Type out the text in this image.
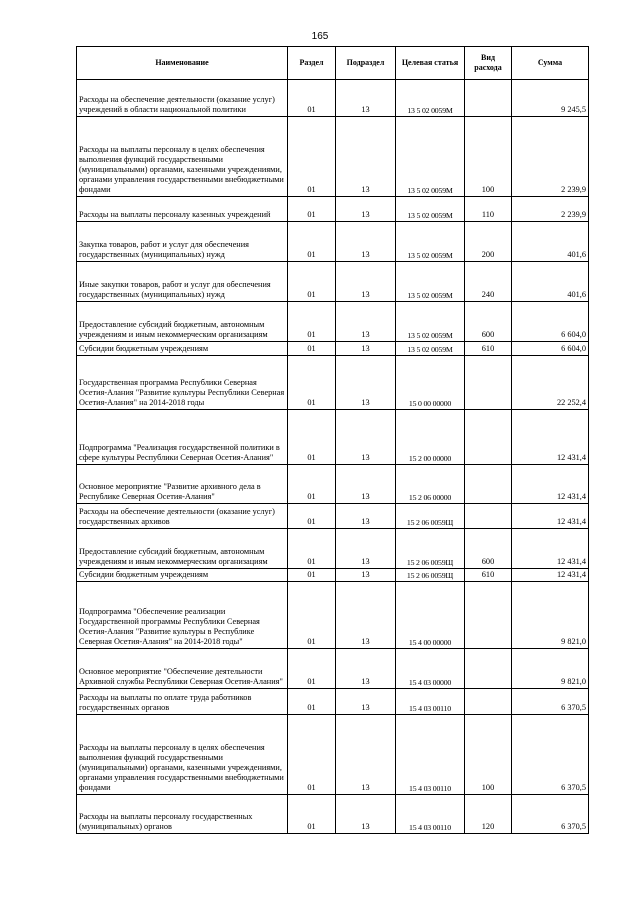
165
Наименование	Раздел	Подраздел	Целевая статья	Вид расхода	Сумма
Расходы на обеспечение деятельности (оказание услуг) учреждений в области национальной политики	01	13	13 5 02 0059М		9 245,5
Расходы на выплаты персоналу в целях обеспечения выполнения функций государственными (муниципальными) органами, казенными учреждениями, органами управления государственными внебюджетными фондами	01	13	13 5 02 0059М	100	2 239,9
Расходы на выплаты персоналу казенных учреждений	01	13	13 5 02 0059М	110	2 239,9
Закупка товаров, работ и услуг для обеспечения государственных (муниципальных) нужд	01	13	13 5 02 0059М	200	401,6
Иные закупки товаров, работ и услуг для обеспечения государственных (муниципальных) нужд	01	13	13 5 02 0059М	240	401,6
Предоставление субсидий бюджетным, автономным учреждениям и иным некоммерческим организациям	01	13	13 5 02 0059М	600	6 604,0
Субсидии бюджетным учреждениям	01	13	13 5 02 0059М	610	6 604,0
Государственная программа Республики Северная Осетия-Алания "Развитие культуры Республики Северная Осетия-Алания" на 2014-2018 годы	01	13	15 0 00 00000		22 252,4
Подпрограмма "Реализация государственной политики в сфере культуры Республики Северная Осетия-Алания"	01	13	15 2 00 00000		12 431,4
Основное мероприятие "Развитие архивного дела в Республике Северная Осетия-Алания"	01	13	15 2 06 00000		12 431,4
Расходы на обеспечение деятельности (оказание услуг) государственных архивов	01	13	15 2 06 0059Щ		12 431,4
Предоставление субсидий бюджетным, автономным учреждениям и иным некоммерческим организациям	01	13	15 2 06 0059Щ	600	12 431,4
Субсидии бюджетным учреждениям	01	13	15 2 06 0059Щ	610	12 431,4
Подпрограмма "Обеспечение реализации Государственной программы Республики Северная Осетия-Алания "Развитие культуры в Республике Северная Осетия-Алания" на 2014-2018 годы"	01	13	15 4 00 00000		9 821,0
Основное мероприятие "Обеспечение деятельности Архивной службы Республики Северная Осетия-Алания"	01	13	15 4 03 00000		9 821,0
Расходы на выплаты по оплате труда работников государственных органов	01	13	15 4 03 00110		6 370,5
Расходы на выплаты персоналу в целях обеспечения выполнения функций государственными (муниципальными) органами, казенными учреждениями, органами управления государственными внебюджетными фондами	01	13	15 4 03 00110	100	6 370,5
Расходы на выплаты персоналу государственных (муниципальных) органов	01	13	15 4 03 00110	120	6 370,5
